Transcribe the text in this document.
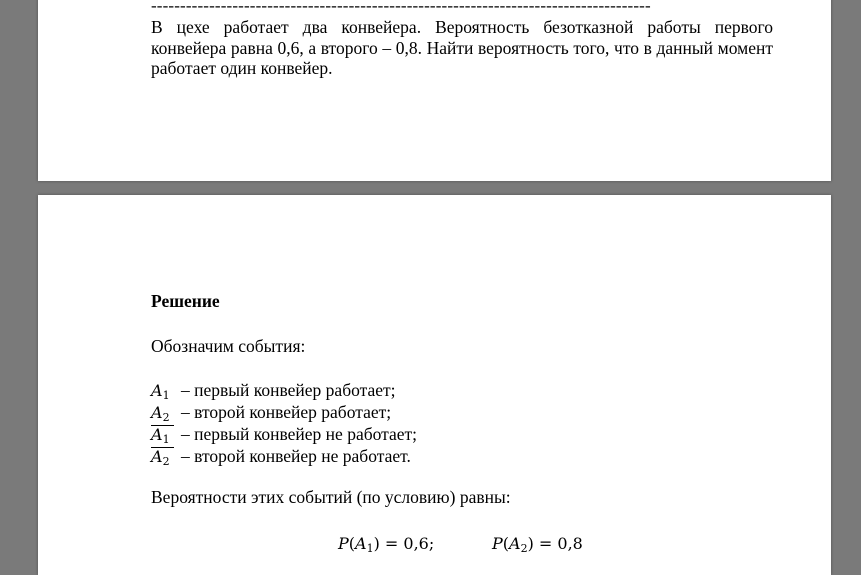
--------------------------------------------------------------------------------------
В цехе работает два конвейера. Вероятность безотказной работы первого конвейера равна 0,6, а второго – 0,8. Найти вероятность того, что в данный момент работает один конвейер.
Решение
Обозначим события:
$A_1$ – первый конвейер работает;
$A_2$ – второй конвейер работает;
$A_1$ – первый конвейер не работает;
$A_2$ – второй конвейер не работает.
Вероятности этих событий (по условию) равны:
$P(A_1) = 0,6$;	$P(A_2) = 0,8$
